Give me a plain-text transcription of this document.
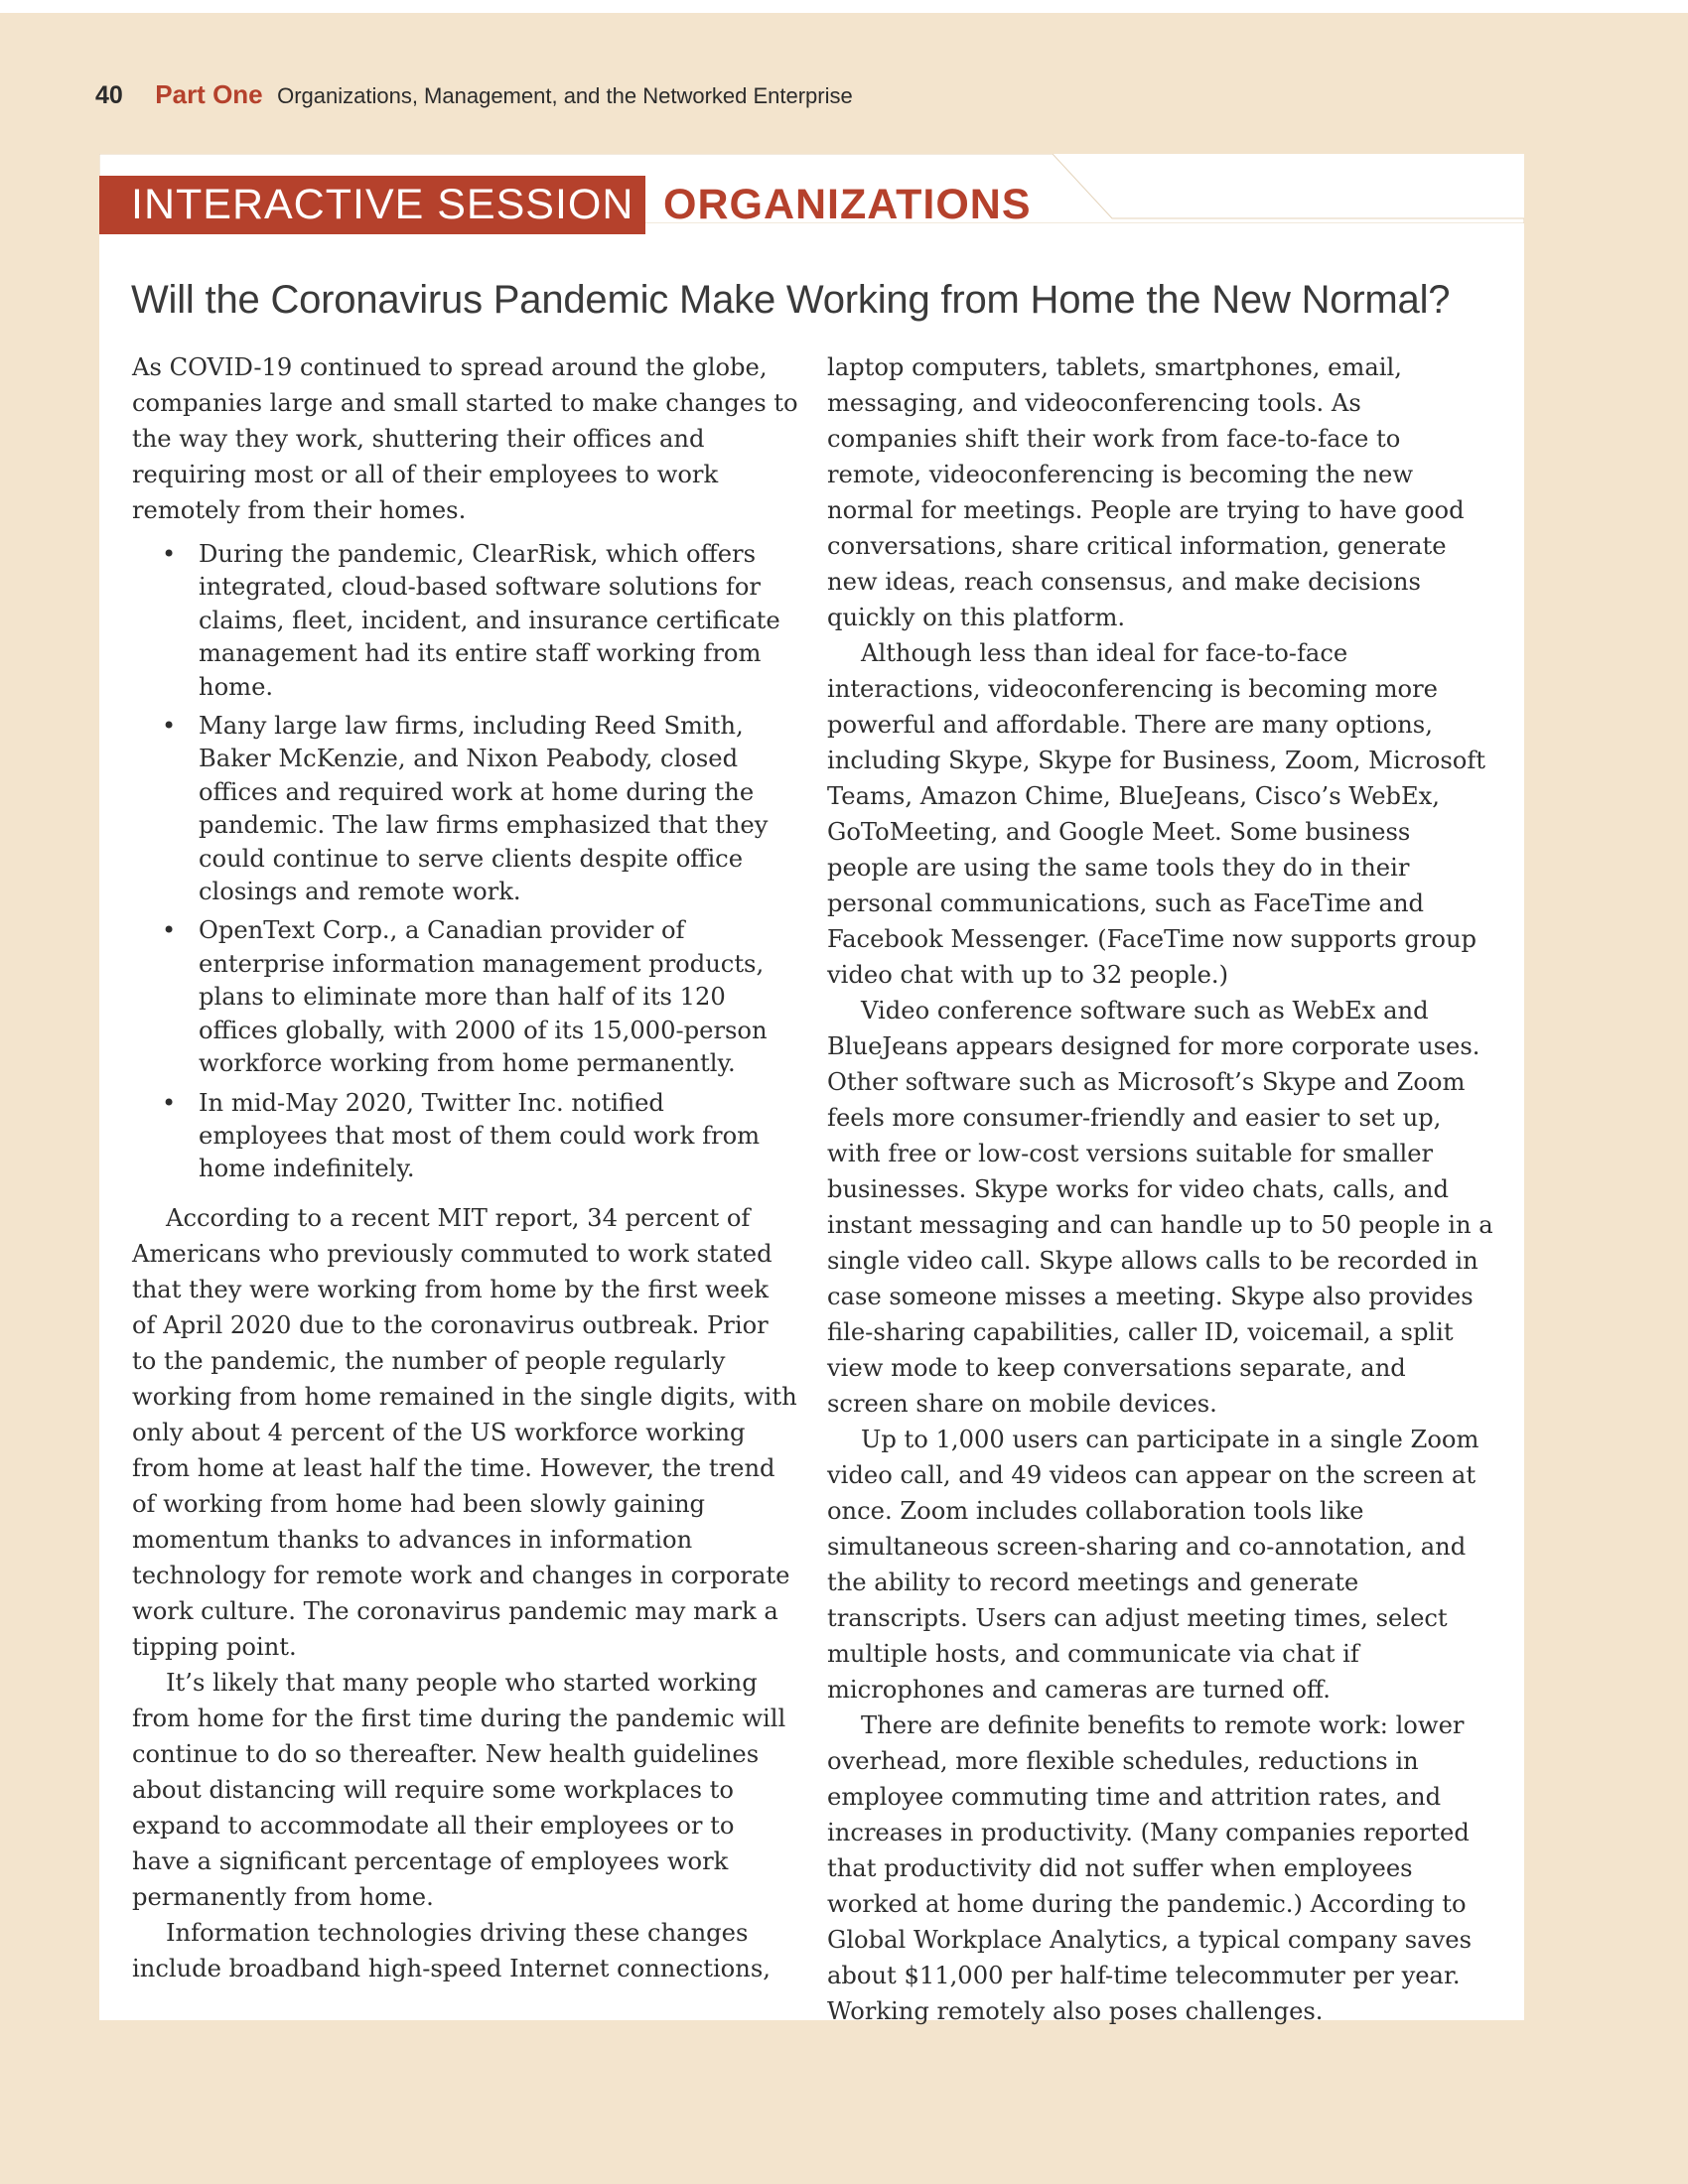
40 Part One Organizations, Management, and the Networked Enterprise
INTERACTIVE SESSION ORGANIZATIONS
Will the Coronavirus Pandemic Make Working from Home the New Normal?

As COVID-19 continued to spread around the globe, companies large and small started to make changes to the way they work, shuttering their offices and requiring most or all of their employees to work remotely from their homes.

• During the pandemic, ClearRisk, which offers integrated, cloud-based software solutions for claims, fleet, incident, and insurance certificate management had its entire staff working from home.
• Many large law firms, including Reed Smith, Baker McKenzie, and Nixon Peabody, closed offices and required work at home during the pandemic. The law firms emphasized that they could continue to serve clients despite office closings and remote work.
• OpenText Corp., a Canadian provider of enterprise information management products, plans to eliminate more than half of its 120 offices globally, with 2000 of its 15,000-person workforce working from home permanently.
• In mid-May 2020, Twitter Inc. notified employees that most of them could work from home indefinitely.

According to a recent MIT report, 34 percent of Americans who previously commuted to work stated that they were working from home by the first week of April 2020 due to the coronavirus outbreak. Prior to the pandemic, the number of people regularly working from home remained in the single digits, with only about 4 percent of the US workforce working from home at least half the time. However, the trend of working from home had been slowly gaining momentum thanks to advances in information technology for remote work and changes in corporate work culture. The coronavirus pandemic may mark a tipping point.

It’s likely that many people who started working from home for the first time during the pandemic will continue to do so thereafter. New health guidelines about distancing will require some workplaces to expand to accommodate all their employees or to have a significant percentage of employees work permanently from home.

Information technologies driving these changes include broadband high-speed Internet connections,

laptop computers, tablets, smartphones, email, messaging, and videoconferencing tools. As companies shift their work from face-to-face to remote, videoconferencing is becoming the new normal for meetings. People are trying to have good conversations, share critical information, generate new ideas, reach consensus, and make decisions quickly on this platform.

Although less than ideal for face-to-face interactions, videoconferencing is becoming more powerful and affordable. There are many options, including Skype, Skype for Business, Zoom, Microsoft Teams, Amazon Chime, BlueJeans, Cisco’s WebEx, GoToMeeting, and Google Meet. Some business people are using the same tools they do in their personal communications, such as FaceTime and Facebook Messenger. (FaceTime now supports group video chat with up to 32 people.)

Video conference software such as WebEx and BlueJeans appears designed for more corporate uses. Other software such as Microsoft’s Skype and Zoom feels more consumer-friendly and easier to set up, with free or low-cost versions suitable for smaller businesses. Skype works for video chats, calls, and instant messaging and can handle up to 50 people in a single video call. Skype allows calls to be recorded in case someone misses a meeting. Skype also provides file-sharing capabilities, caller ID, voicemail, a split view mode to keep conversations separate, and screen share on mobile devices.

Up to 1,000 users can participate in a single Zoom video call, and 49 videos can appear on the screen at once. Zoom includes collaboration tools like simultaneous screen-sharing and co-annotation, and the ability to record meetings and generate transcripts. Users can adjust meeting times, select multiple hosts, and communicate via chat if microphones and cameras are turned off.

There are definite benefits to remote work: lower overhead, more flexible schedules, reductions in employee commuting time and attrition rates, and increases in productivity. (Many companies reported that productivity did not suffer when employees worked at home during the pandemic.) According to Global Workplace Analytics, a typical company saves about $11,000 per half-time telecommuter per year. Working remotely also poses challenges.
